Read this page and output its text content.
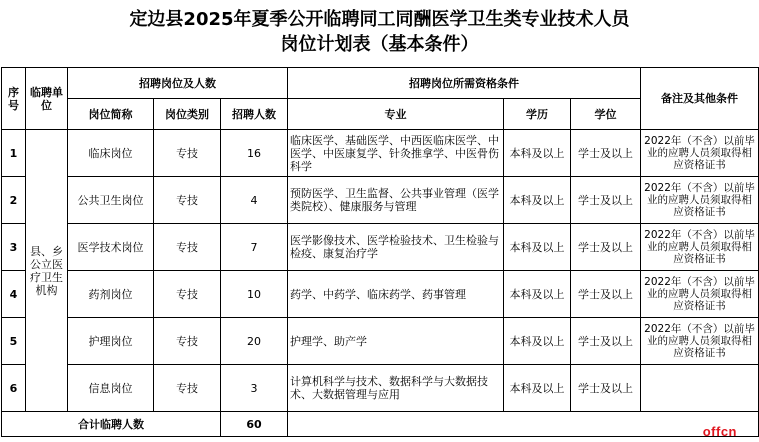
定边县2025年夏季公开临聘同工同酬医学卫生类专业技术人员
岗位计划表（基本条件）
序号	临聘单位	招聘岗位及人数			招聘岗位所需资格条件			备注及其他条件
		岗位简称	岗位类别	招聘人数	专业	学历	学位	
1	县、乡公立医疗卫生机构	临床岗位	专技	16	临床医学、基础医学、中西医临床医学、中医学、中医康复学、针灸推拿学、中医骨伤科学	本科及以上	学士及以上	2022年（不含）以前毕业的应聘人员须取得相应资格证书
2		公共卫生岗位	专技	4	预防医学、卫生监督、公共事业管理（医学类院校）、健康服务与管理	本科及以上	学士及以上	2022年（不含）以前毕业的应聘人员须取得相应资格证书
3		医学技术岗位	专技	7	医学影像技术、医学检验技术、卫生检验与检疫、康复治疗学	本科及以上	学士及以上	2022年（不含）以前毕业的应聘人员须取得相应资格证书
4		药剂岗位	专技	10	药学、中药学、临床药学、药事管理	本科及以上	学士及以上	2022年（不含）以前毕业的应聘人员须取得相应资格证书
5		护理岗位	专技	20	护理学、助产学	本科及以上	学士及以上	2022年（不含）以前毕业的应聘人员须取得相应资格证书
6		信息岗位	专技	3	计算机科学与技术、数据科学与大数据技术、大数据管理与应用	本科及以上	学士及以上	
合计临聘人数				60					offcn
